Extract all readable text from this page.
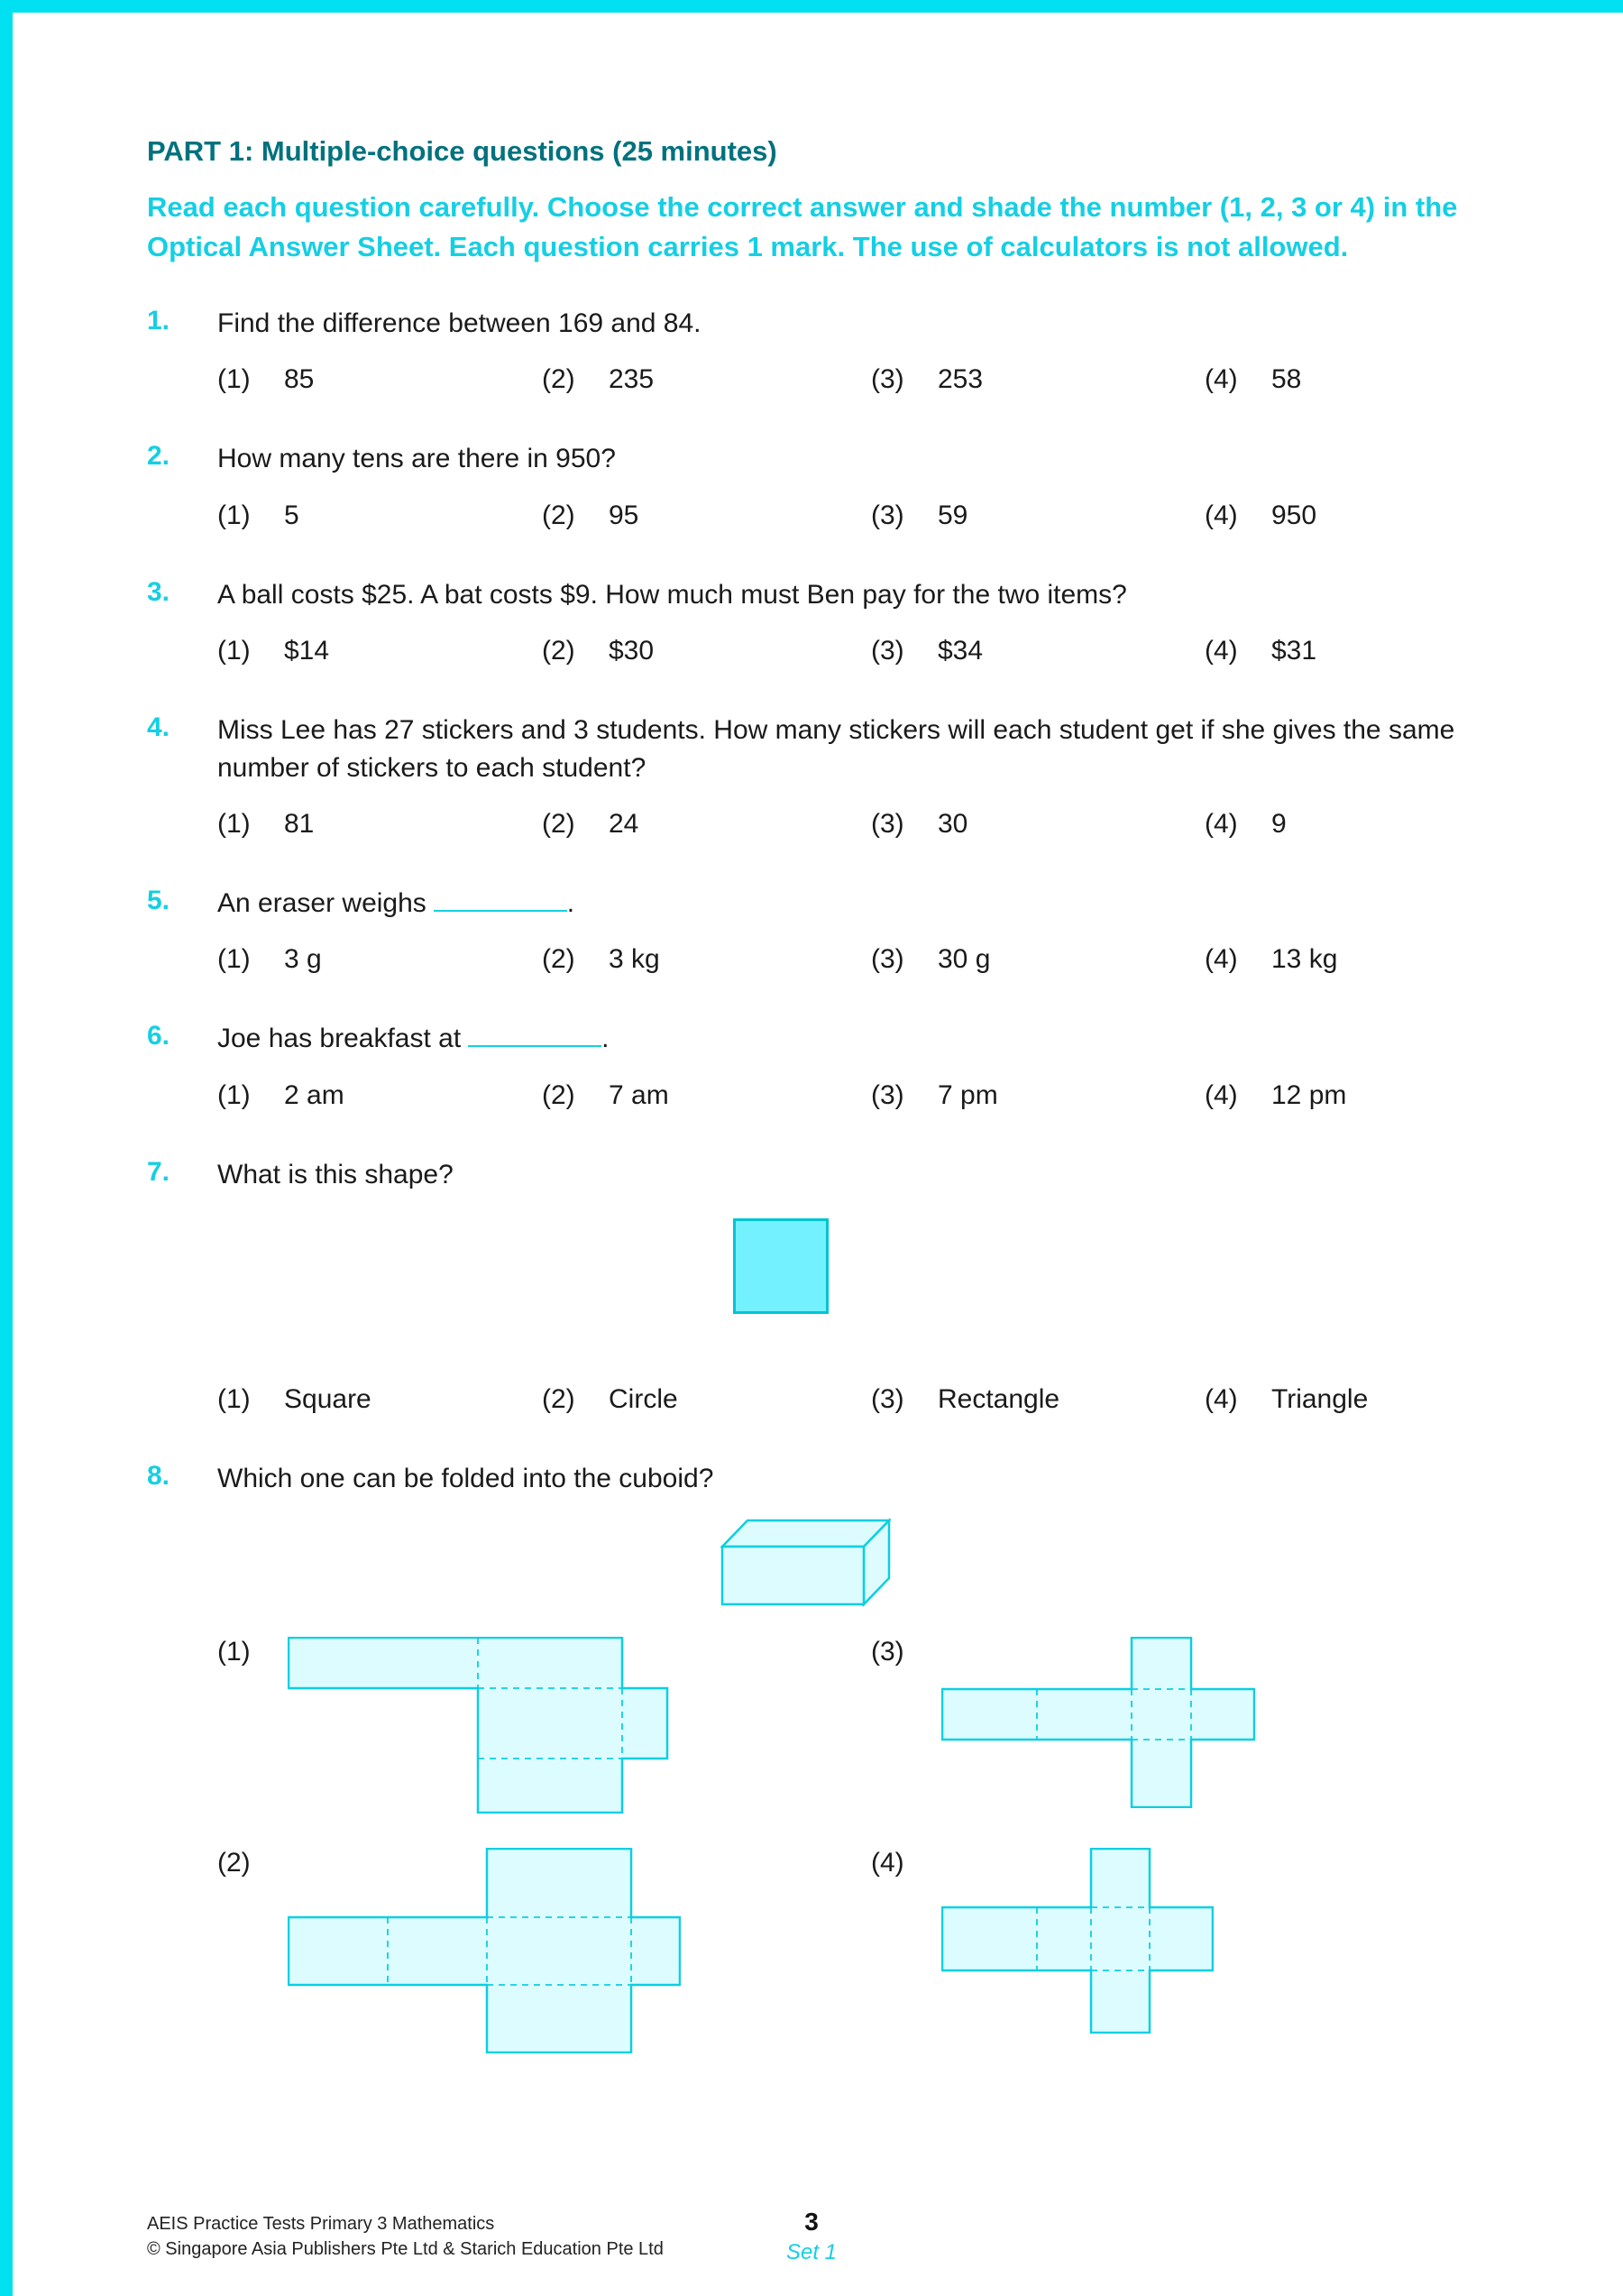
PART 1: Multiple-choice questions (25 minutes)
Read each question carefully. Choose the correct answer and shade the number (1, 2, 3 or 4) in the Optical Answer Sheet. Each question carries 1 mark. The use of calculators is not allowed.
1.	Find the difference between 169 and 84.
(1)	85	(2)	235	(3)	253	(4)	58
2.	How many tens are there in 950?
(1)	5	(2)	95	(3)	59	(4)	950
3.	A ball costs $25. A bat costs $9. How much must Ben pay for the two items?
(1)	$14	(2)	$30	(3)	$34	(4)	$31
4.	Miss Lee has 27 stickers and 3 students. How many stickers will each student get if she gives the same number of stickers to each student?
(1)	81	(2)	24	(3)	30	(4)	9
5.	An eraser weighs	.
(1)	3 g	(2)	3 kg	(3)	30 g	(4)	13 kg
6.	Joe has breakfast at	.
(1)	2 am	(2)	7 am	(3)	7 pm	(4)	12 pm
7.	What is this shape?
(1)	Square	(2)	Circle	(3)	Rectangle	(4)	Triangle
8.	Which one can be folded into the cuboid?
(1)	(3)
(2)	(4)
AEIS Practice Tests Primary 3 Mathematics
© Singapore Asia Publishers Pte Ltd & Starich Education Pte Ltd
3
Set 1
